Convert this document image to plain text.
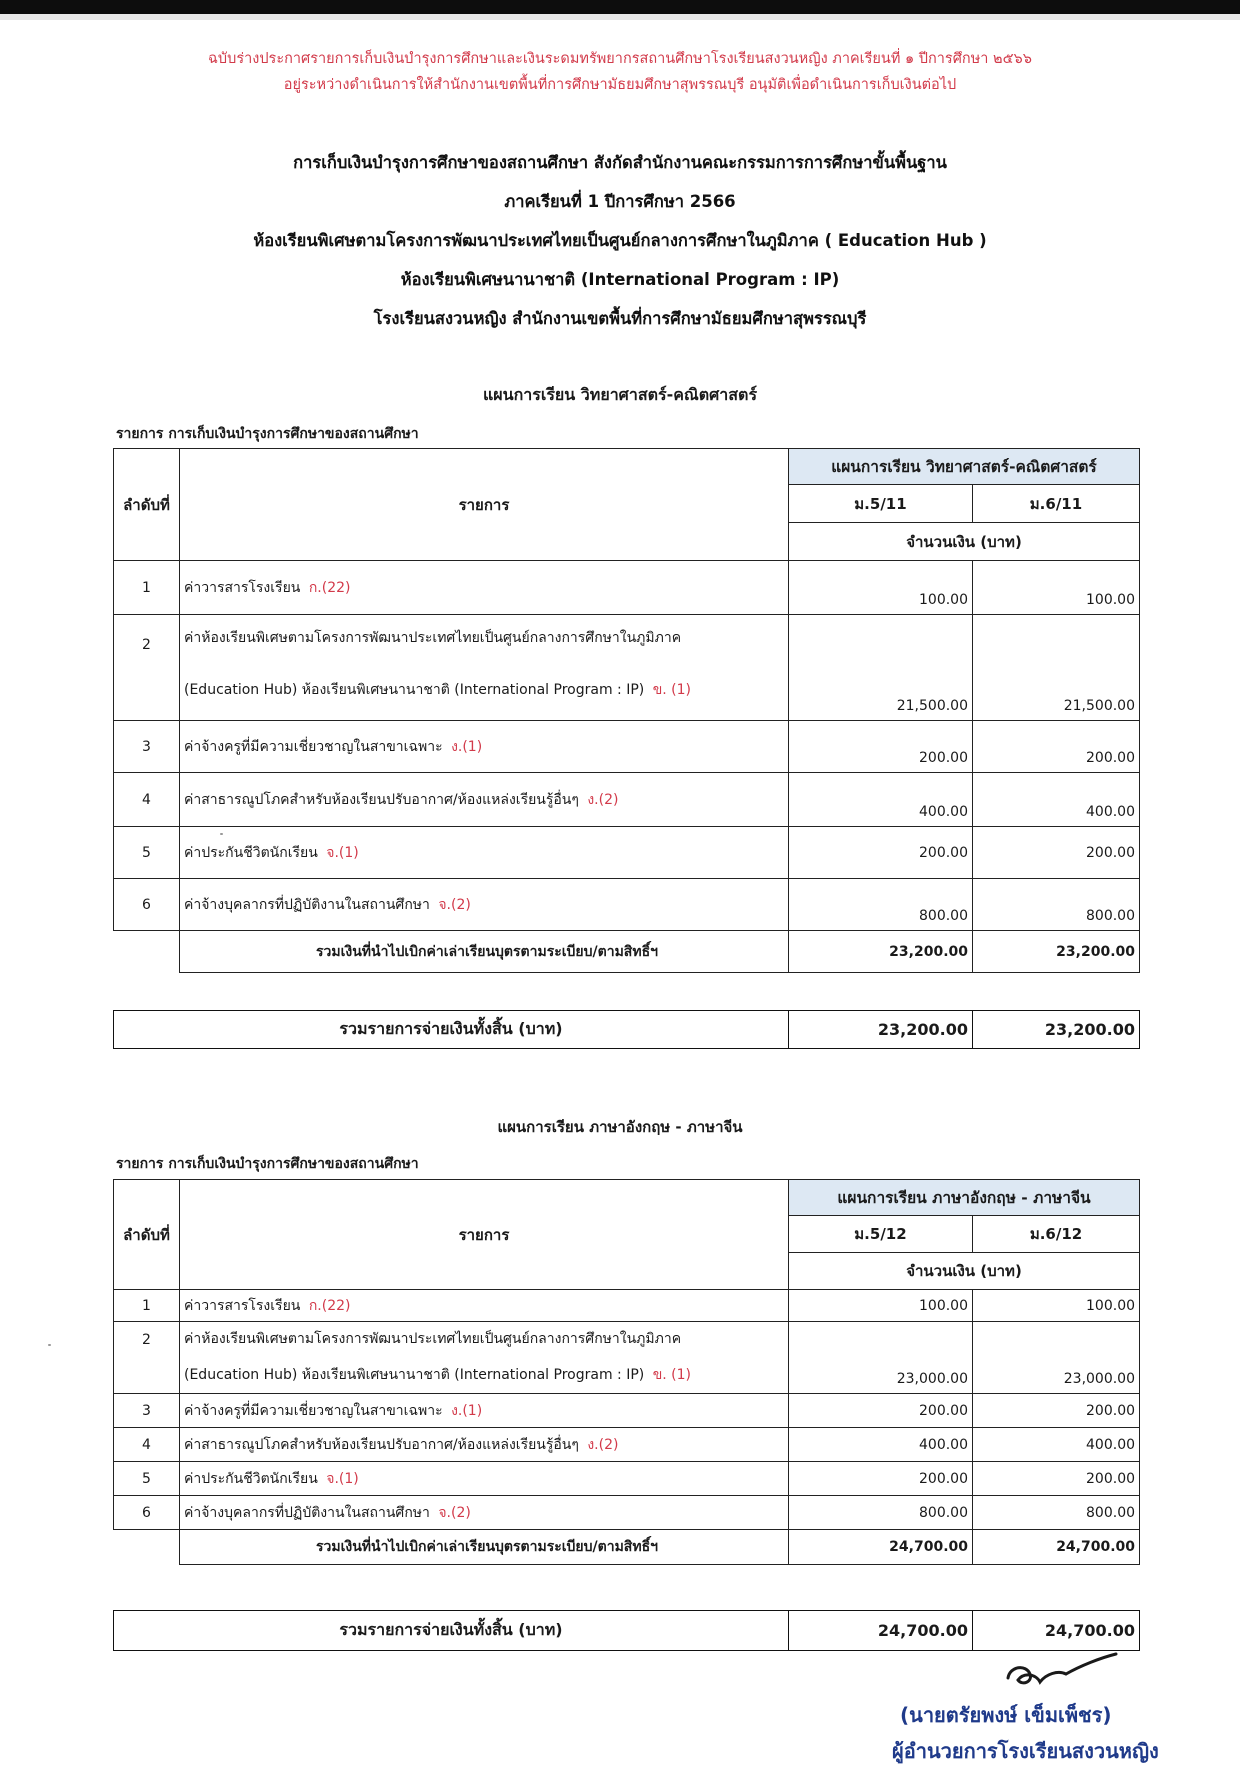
ฉบับร่างประกาศรายการเก็บเงินบำรุงการศึกษาและเงินระดมทรัพยากรสถานศึกษาโรงเรียนสงวนหญิง ภาคเรียนที่ ๑ ปีการศึกษา ๒๕๖๖
อยู่ระหว่างดำเนินการให้สำนักงานเขตพื้นที่การศึกษามัธยมศึกษาสุพรรณบุรี อนุมัติเพื่อดำเนินการเก็บเงินต่อไป
การเก็บเงินบำรุงการศึกษาของสถานศึกษา สังกัดสำนักงานคณะกรรมการการศึกษาขั้นพื้นฐาน
ภาคเรียนที่ 1 ปีการศึกษา 2566
ห้องเรียนพิเศษตามโครงการพัฒนาประเทศไทยเป็นศูนย์กลางการศึกษาในภูมิภาค ( Education Hub )
ห้องเรียนพิเศษนานาชาติ (International Program : IP)
โรงเรียนสงวนหญิง สำนักงานเขตพื้นที่การศึกษามัธยมศึกษาสุพรรณบุรี
แผนการเรียน วิทยาศาสตร์-คณิตศาสตร์
รายการ การเก็บเงินบำรุงการศึกษาของสถานศึกษา
ลำดับที่	รายการ	แผนการเรียน วิทยาศาสตร์-คณิตศาสตร์	
		ม.5/11	ม.6/11
		จำนวนเงิน (บาท)	
1	ค่าวารสารโรงเรียน ก.(22)	100.00	100.00
2	ค่าห้องเรียนพิเศษตามโครงการพัฒนาประเทศไทยเป็นศูนย์กลางการศึกษาในภูมิภาค
(Education Hub) ห้องเรียนพิเศษนานาชาติ (International Program : IP) ข. (1)	21,500.00	21,500.00
3	ค่าจ้างครูที่มีความเชี่ยวชาญในสาขาเฉพาะ ง.(1)	200.00	200.00
4	ค่าสาธารณูปโภคสำหรับห้องเรียนปรับอากาศ/ห้องแหล่งเรียนรู้อื่นๆ ง.(2)	400.00	400.00
5	ค่าประกันชีวิตนักเรียน จ.(1)	200.00	200.00
6	ค่าจ้างบุคลากรที่ปฏิบัติงานในสถานศึกษา จ.(2)	800.00	800.00
	รวมเงินที่นำไปเบิกค่าเล่าเรียนบุตรตามระเบียบ/ตามสิทธิ์ฯ	23,200.00	23,200.00
รวมรายการจ่ายเงินทั้งสิ้น (บาท)	23,200.00	23,200.00
แผนการเรียน ภาษาอังกฤษ - ภาษาจีน
รายการ การเก็บเงินบำรุงการศึกษาของสถานศึกษา
ลำดับที่	รายการ	แผนการเรียน ภาษาอังกฤษ - ภาษาจีน	
		ม.5/12	ม.6/12
		จำนวนเงิน (บาท)	
1	ค่าวารสารโรงเรียน ก.(22)	100.00	100.00
2	ค่าห้องเรียนพิเศษตามโครงการพัฒนาประเทศไทยเป็นศูนย์กลางการศึกษาในภูมิภาค
(Education Hub) ห้องเรียนพิเศษนานาชาติ (International Program : IP) ข. (1)	23,000.00	23,000.00
3	ค่าจ้างครูที่มีความเชี่ยวชาญในสาขาเฉพาะ ง.(1)	200.00	200.00
4	ค่าสาธารณูปโภคสำหรับห้องเรียนปรับอากาศ/ห้องแหล่งเรียนรู้อื่นๆ ง.(2)	400.00	400.00
5	ค่าประกันชีวิตนักเรียน จ.(1)	200.00	200.00
6	ค่าจ้างบุคลากรที่ปฏิบัติงานในสถานศึกษา จ.(2)	800.00	800.00
	รวมเงินที่นำไปเบิกค่าเล่าเรียนบุตรตามระเบียบ/ตามสิทธิ์ฯ	24,700.00	24,700.00
รวมรายการจ่ายเงินทั้งสิ้น (บาท)	24,700.00	24,700.00
(นายตรัยพงษ์ เข็มเพ็ชร)
ผู้อำนวยการโรงเรียนสงวนหญิง
